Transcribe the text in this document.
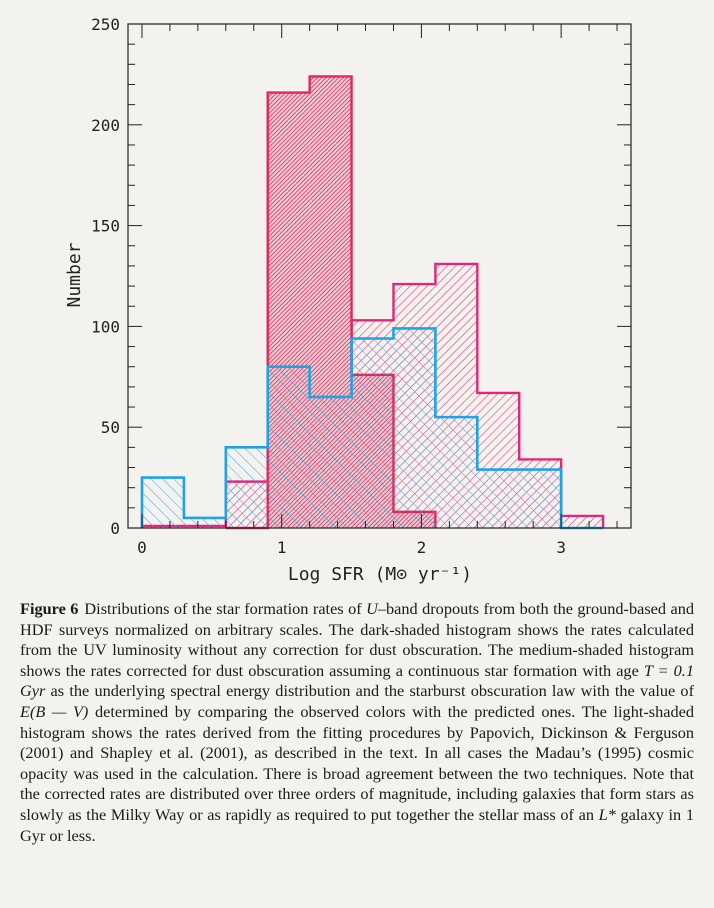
0
50
100
150
200
250
0	1	2	3
Number
Log SFR (M⊙ yr⁻¹)
Figure 6 Distributions of the star formation rates of U–band dropouts from both the ground-based and HDF surveys normalized on arbitrary scales. The dark-shaded histogram shows the rates calculated from the UV luminosity without any correction for dust obscuration. The medium-shaded histogram shows the rates corrected for dust obscuration assuming a continuous star formation with age T = 0.1 Gyr as the underlying spectral energy distribution and the starburst obscuration law with the value of E(B — V) determined by comparing the observed colors with the predicted ones. The light-shaded histogram shows the rates derived from the fitting procedures by Papovich, Dickinson & Ferguson (2001) and Shapley et al. (2001), as described in the text. In all cases the Madau’s (1995) cosmic opacity was used in the calculation. There is broad agreement between the two techniques. Note that the corrected rates are distributed over three orders of magnitude, including galaxies that form stars as slowly as the Milky Way or as rapidly as required to put together the stellar mass of an L* galaxy in 1 Gyr or less.
